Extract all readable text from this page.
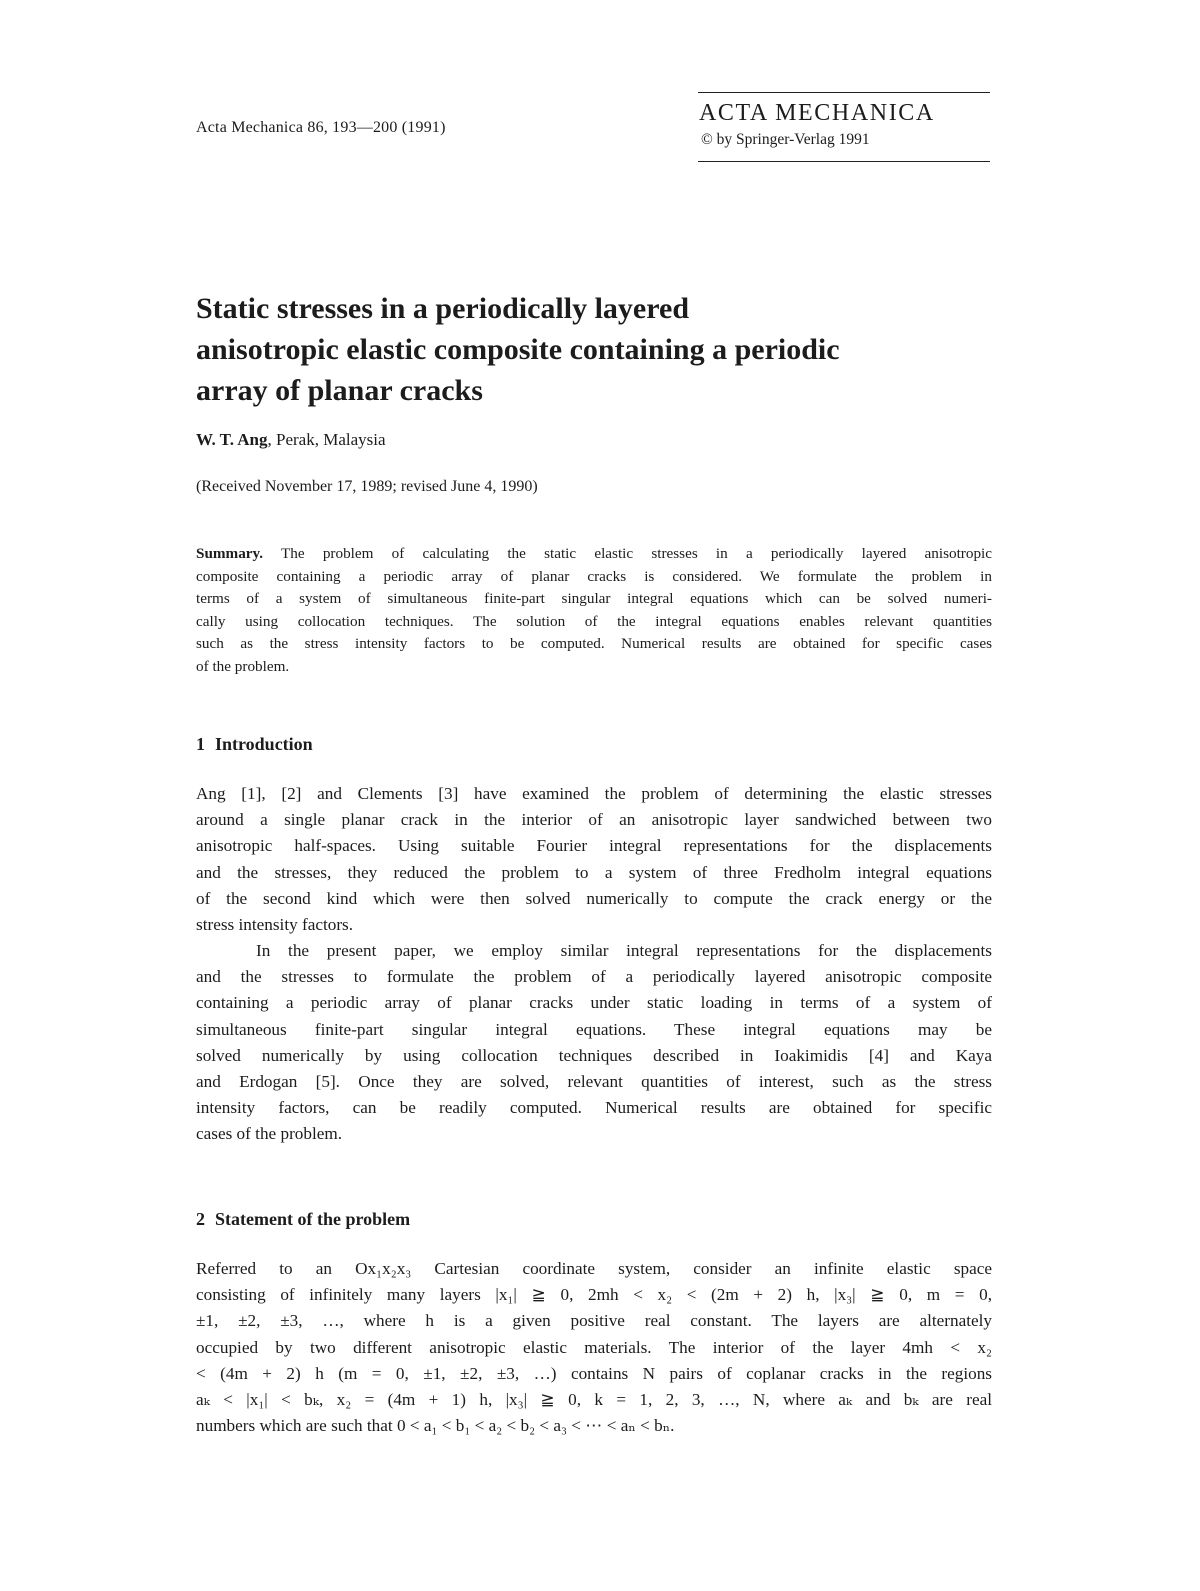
Acta Mechanica 86, 193—200 (1991)
ACTA MECHANICA
© by Springer-Verlag 1991
Static stresses in a periodically layered
anisotropic elastic composite containing a periodic
array of planar cracks
W. T. Ang, Perak, Malaysia
(Received November 17, 1989; revised June 4, 1990)
Summary. The problem of calculating the static elastic stresses in a periodically layered anisotropic
composite containing a periodic array of planar cracks is considered. We formulate the problem in
terms of a system of simultaneous finite-part singular integral equations which can be solved numeri-
cally using collocation techniques. The solution of the integral equations enables relevant quantities
such as the stress intensity factors to be computed. Numerical results are obtained for specific cases
of the problem.
1 Introduction
Ang [1], [2] and Clements [3] have examined the problem of determining the elastic stresses
around a single planar crack in the interior of an anisotropic layer sandwiched between two
anisotropic half-spaces. Using suitable Fourier integral representations for the displacements
and the stresses, they reduced the problem to a system of three Fredholm integral equations
of the second kind which were then solved numerically to compute the crack energy or the
stress intensity factors.
In the present paper, we employ similar integral representations for the displacements
and the stresses to formulate the problem of a periodically layered anisotropic composite
containing a periodic array of planar cracks under static loading in terms of a system of
simultaneous finite-part singular integral equations. These integral equations may be
solved numerically by using collocation techniques described in Ioakimidis [4] and Kaya
and Erdogan [5]. Once they are solved, relevant quantities of interest, such as the stress
intensity factors, can be readily computed. Numerical results are obtained for specific
cases of the problem.
2 Statement of the problem
Referred to an Ox₁x₂x₃ Cartesian coordinate system, consider an infinite elastic space
consisting of infinitely many layers |x₁| ≧ 0, 2mh < x₂ < (2m + 2) h, |x₃| ≧ 0, m = 0,
±1, ±2, ±3, …, where h is a given positive real constant. The layers are alternately
occupied by two different anisotropic elastic materials. The interior of the layer 4mh < x₂
< (4m + 2) h (m = 0, ±1, ±2, ±3, …) contains N pairs of coplanar cracks in the regions
aₖ < |x₁| < bₖ, x₂ = (4m + 1) h, |x₃| ≧ 0, k = 1, 2, 3, …, N, where aₖ and bₖ are real
numbers which are such that 0 < a₁ < b₁ < a₂ < b₂ < a₃ < ⋯ < aₙ < bₙ.
